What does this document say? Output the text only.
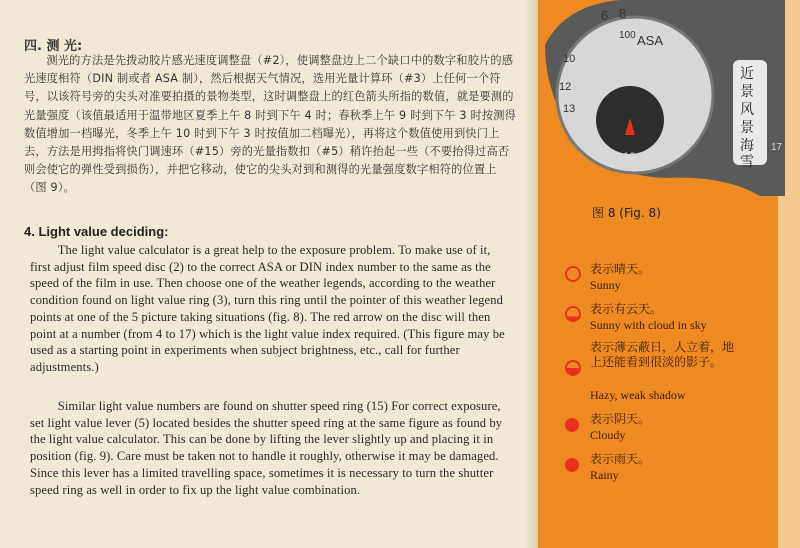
四. 测 光:
测光的方法是先拨动胶片感光速度调整盘（#2），使调整盘边上二个缺口中的数字和胶片的感光速度相符（DIN 制或者 ASA 制），然后根据天气情况，选用光量计算环（#3）上任何一个符号，以该符号旁的尖头对准要拍摄的景物类型，这时调整盘上的红色箭头所指的数值，就是要测的光量强度（该值最适用于温带地区夏季上午 8 时到下午 4 时；春秋季上午 9 时到下午 3 时按测得数值增加一档曝光，冬季上午 10 时到下午 3 时按值加二档曝光），再将这个数值使用到快门上去，方法是用拇指将快门调速环（#15）旁的光量指数扣（#5）稍许抬起一些（不要抬得过高否则会使它的弹性受到损伤），并把它移动，使它的尖头对到和测得的光量强度数字相符的位置上（图 9）。
4. Light value deciding:
The light value calculator is a great help to the exposure problem. To make use of it, first adjust film speed disc (2) to the correct ASA or DIN index number to the same as the speed of the film in use. Then choose one of the weather legends, according to the weather condition found on light value ring (3), turn this ring until the pointer of this weather legend points at one of the 5 picture taking situations (fig. 8). The red arrow on the disc will then point at a number (from 4 to 17) which is the light value index required. (This figure may be used as a starting point in experiments when subject brightness, etc., call for further adjustments.)
Similar light value numbers are found on shutter speed ring (15) For correct exposure, set light value lever (5) located besides the shutter speed ring at the same figure as found by the light value calculator. This can be done by lifting the lever slightly up and placing it in position (fig. 9). Care must be taken not to handle it roughly, otherwise it may be damaged. Since this lever has a limited travelling space, sometimes it is necessary to turn the shutter speed ring as well in order to fix up the light value combination.
ASA
6 8
10
12
13
16
100
17
近
景
风
景
海
雪
图 8 (Fig. 8)
表示晴天。
Sunny
表示有云天。
Sunny with cloud in sky
表示薄云蔽日，人立着，地上还能看到很淡的影子。
Hazy, weak shadow
表示阴天。
Cloudy
表示雨天。
Rainy
